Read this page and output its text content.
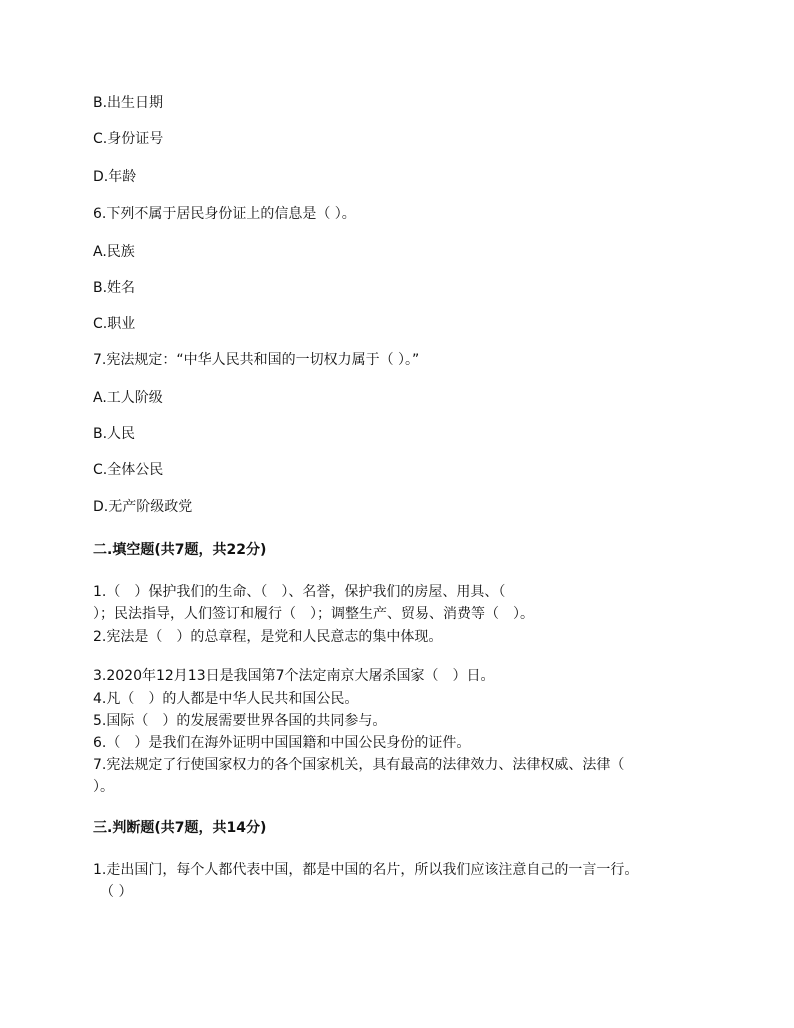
B.出生日期
C.身份证号
D.年龄
6.下列不属于居民身份证上的信息是（ ）。
A.民族
B.姓名
C.职业
7.宪法规定：“中华人民共和国的一切权力属于（ ）。”
A.工人阶级
B.人民
C.全体公民
D.无产阶级政党
二.填空题(共7题，共22分)
1.（　）保护我们的生命、（　）、名誉，保护我们的房屋、用具、（
）；民法指导，人们签订和履行（　）；调整生产、贸易、消费等（　）。
2.宪法是（　）的总章程，是党和人民意志的集中体现。
3.2020年12月13日是我国第7个法定南京大屠杀国家（　）日。
4.凡（　）的人都是中华人民共和国公民。
5.国际（　）的发展需要世界各国的共同参与。
6.（　）是我们在海外证明中国国籍和中国公民身份的证件。
7.宪法规定了行使国家权力的各个国家机关，具有最高的法律效力、法律权威、法律（
）。
三.判断题(共7题，共14分)
1.走出国门，每个人都代表中国，都是中国的名片，所以我们应该注意自己的一言一行。
（ ）
